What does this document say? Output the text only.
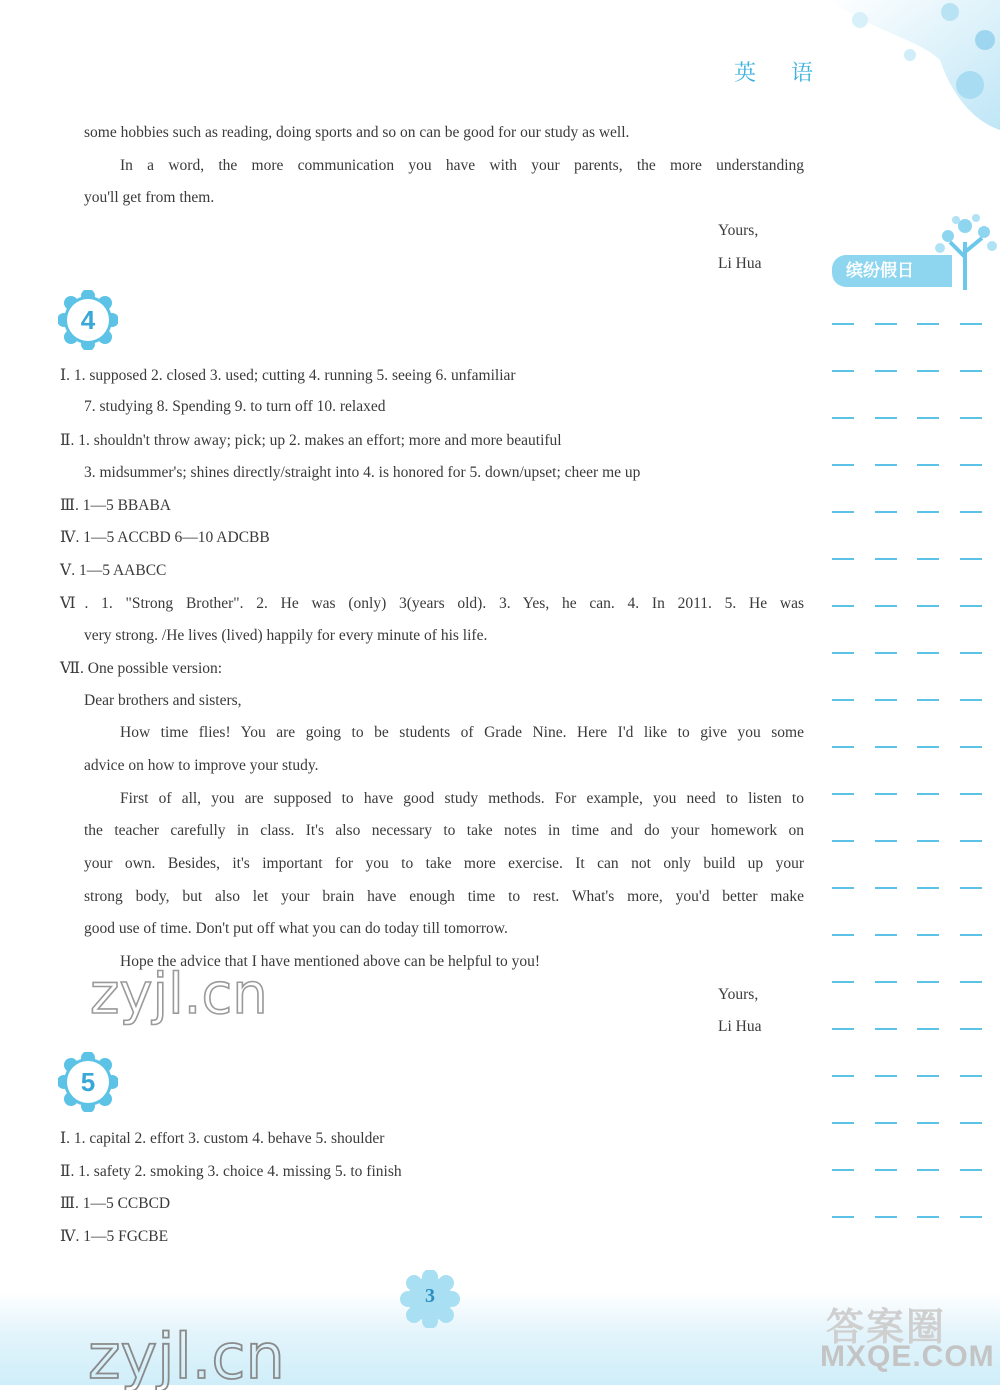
英 语
some hobbies such as reading, doing sports and so on can be good for our study as well.
In a word, the more communication you have with your parents, the more understanding
you'll get from them.
Yours,
Li Hua
4
Ⅰ. 1. supposed 2. closed 3. used; cutting 4. running 5. seeing 6. unfamiliar
7. studying 8. Spending 9. to turn off 10. relaxed
Ⅱ. 1. shouldn't throw away; pick; up 2. makes an effort; more and more beautiful
3. midsummer's; shines directly/straight into 4. is honored for 5. down/upset; cheer me up
Ⅲ. 1—5 BBABA
Ⅳ. 1—5 ACCBD 6—10 ADCBB
Ⅴ. 1—5 AABCC
Ⅵ. 1. "Strong Brother". 2. He was (only) 3(years old). 3. Yes, he can. 4. In 2011. 5. He was
very strong. /He lives (lived) happily for every minute of his life.
Ⅶ. One possible version:
Dear brothers and sisters,
How time flies! You are going to be students of Grade Nine. Here I'd like to give you some
advice on how to improve your study.
First of all, you are supposed to have good study methods. For example, you need to listen to
the teacher carefully in class. It's also necessary to take notes in time and do your homework on
your own. Besides, it's important for you to take more exercise. It can not only build up your
strong body, but also let your brain have enough time to rest. What's more, you'd better make
good use of time. Don't put off what you can do today till tomorrow.
Hope the advice that I have mentioned above can be helpful to you!
Yours,
Li Hua
zyjl.cn
5
Ⅰ. 1. capital 2. effort 3. custom 4. behave 5. shoulder
Ⅱ. 1. safety 2. smoking 3. choice 4. missing 5. to finish
Ⅲ. 1—5 CCBCD
Ⅳ. 1—5 FGCBE
缤纷假日
3
zyjl.cn	答案圈
MXQE.COM
